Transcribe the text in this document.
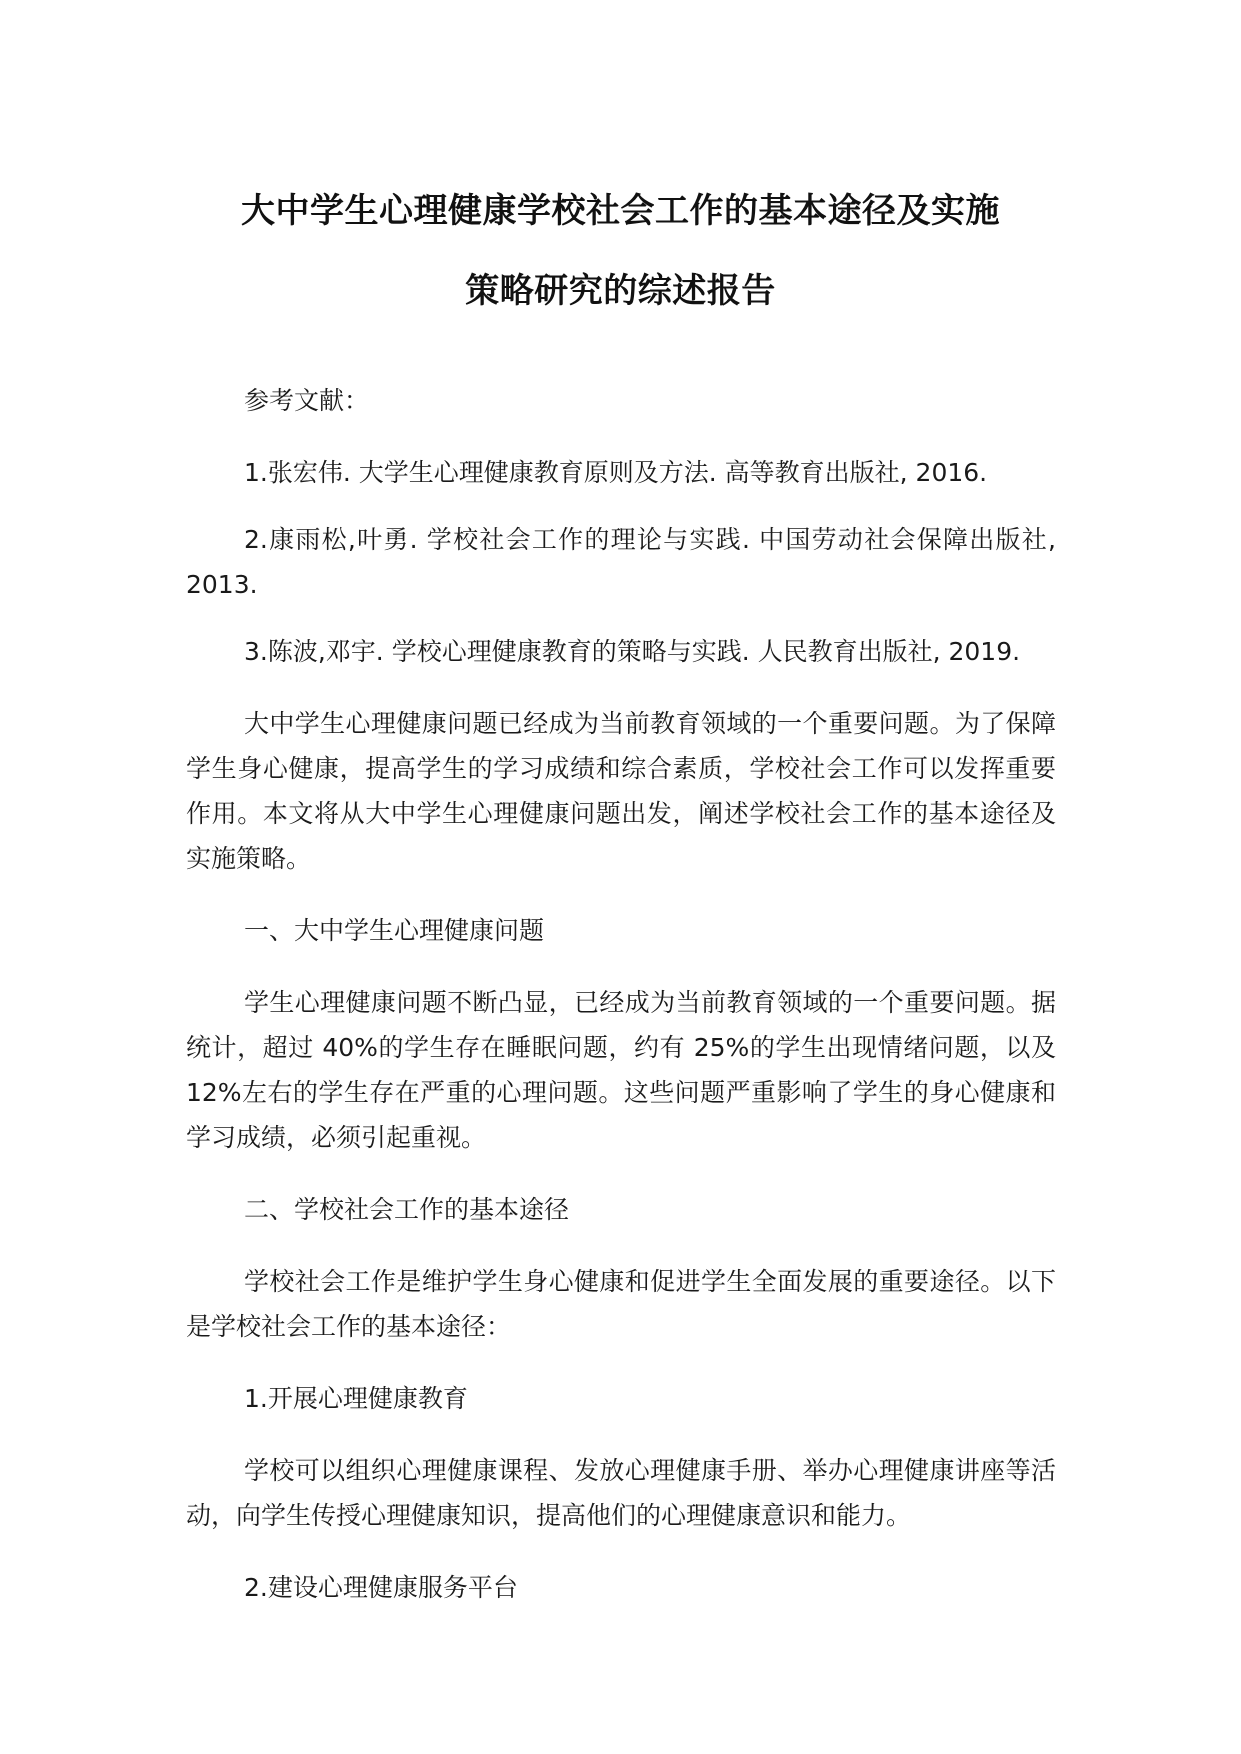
大中学生心理健康学校社会工作的基本途径及实施
策略研究的综述报告

参考文献：

1.张宏伟. 大学生心理健康教育原则及方法. 高等教育出版社, 2016.

2.康雨松,叶勇. 学校社会工作的理论与实践. 中国劳动社会保障出版社, 2013.

3.陈波,邓宇. 学校心理健康教育的策略与实践. 人民教育出版社, 2019.

大中学生心理健康问题已经成为当前教育领域的一个重要问题。为了保障学生身心健康，提高学生的学习成绩和综合素质，学校社会工作可以发挥重要作用。本文将从大中学生心理健康问题出发，阐述学校社会工作的基本途径及实施策略。

一、大中学生心理健康问题

学生心理健康问题不断凸显，已经成为当前教育领域的一个重要问题。据统计，超过 40%的学生存在睡眠问题，约有 25%的学生出现情绪问题，以及 12%左右的学生存在严重的心理问题。这些问题严重影响了学生的身心健康和学习成绩，必须引起重视。

二、学校社会工作的基本途径

学校社会工作是维护学生身心健康和促进学生全面发展的重要途径。以下是学校社会工作的基本途径：

1.开展心理健康教育

学校可以组织心理健康课程、发放心理健康手册、举办心理健康讲座等活动，向学生传授心理健康知识，提高他们的心理健康意识和能力。

2.建设心理健康服务平台
